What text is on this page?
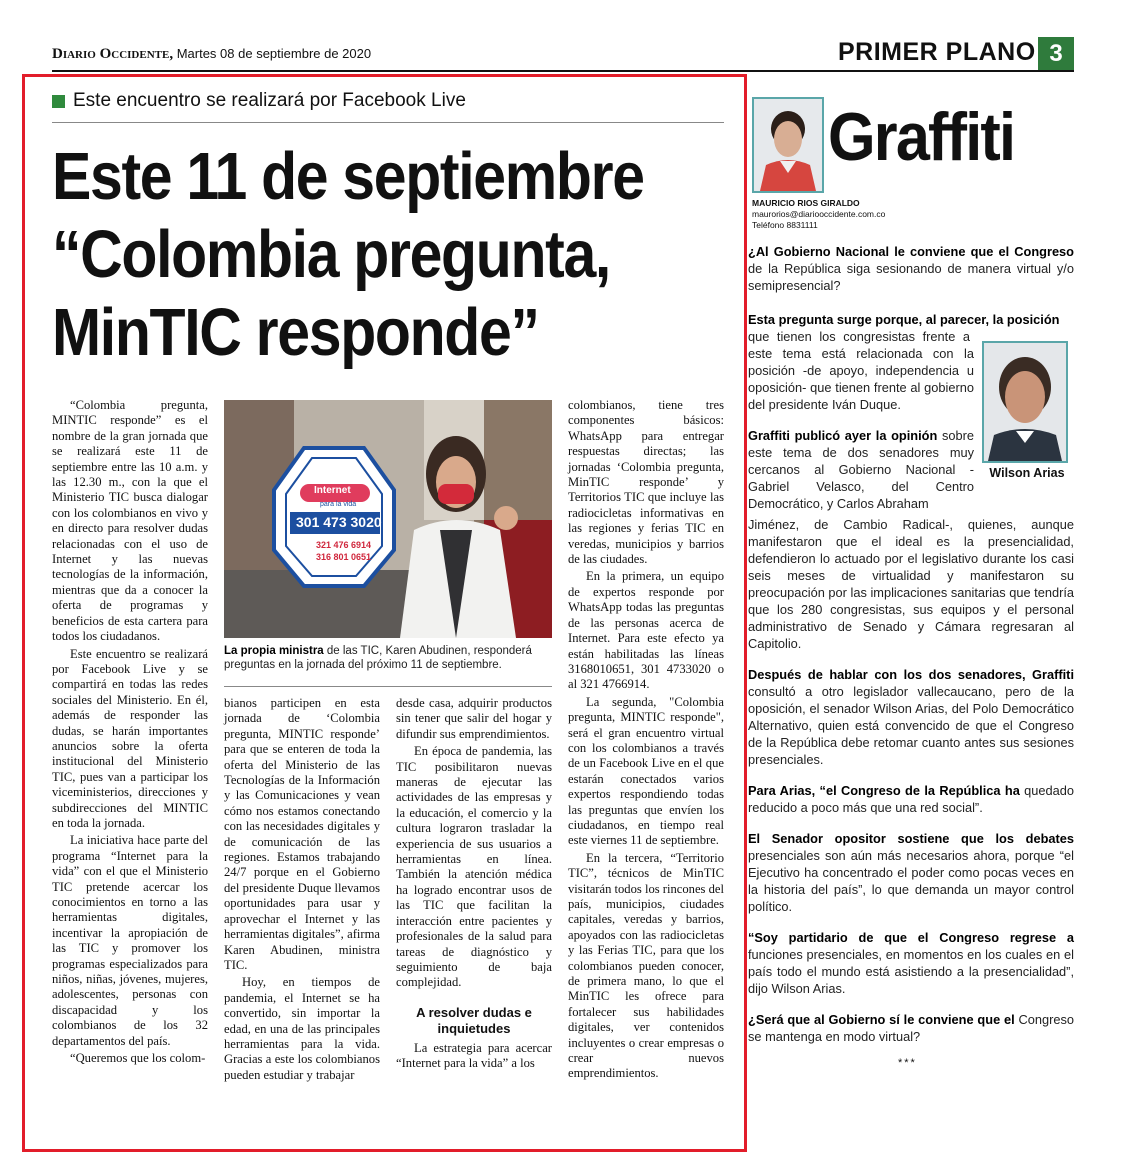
Diario Occidente, Martes 08 de septiembre de 2020	PRIMER PLANO 3
Este encuentro se realizará por Facebook Live
Este 11 de septiembre
“Colombia pregunta,
MinTIC responde”

“Colombia pregunta, MINTIC responde” es el nombre de la gran jornada que se realizará este 11 de septiembre entre las 10 a.m. y las 12.30 m., con la que el Ministerio TIC busca dialogar con los colombianos en vivo y en directo para resolver dudas relacionadas con el uso de Internet y las nuevas tecnologías de la información, mientras que da a conocer la oferta de programas y beneficios de esta cartera para todos los ciudadanos.

Este encuentro se realizará por Facebook Live y se compartirá en todas las redes sociales del Ministerio. En él, además de responder las dudas, se harán importantes anuncios sobre la oferta institucional del Ministerio TIC, pues van a participar los viceministerios, direcciones y subdirecciones del MINTIC en toda la jornada.

La iniciativa hace parte del programa “Internet para la vida” con el que el Ministerio TIC pretende acercar los conocimientos en torno a las herramientas digitales, incentivar la apropiación de las TIC y promover los programas especializados para niños, niñas, jóvenes, mujeres, adolescentes, personas con discapacidad y los colombianos de los 32 departamentos del país.

“Queremos que los colom-

Internet
para la vida
301 473 3020
321 476 6914
316 801 0651
La propia ministra de las TIC, Karen Abudinen, responderá preguntas en la jornada del próximo 11 de septiembre.

bianos participen en esta jornada de ‘Colombia pregunta, MINTIC responde’ para que se enteren de toda la oferta del Ministerio de las Tecnologías de la Información y las Comunicaciones y vean cómo nos estamos conectando con las necesidades digitales y de comunicación de las regiones. Estamos trabajando 24/7 porque en el Gobierno del presidente Duque llevamos oportunidades para usar y aprovechar el Internet y las herramientas digitales”, afirma Karen Abudinen, ministra TIC.

Hoy, en tiempos de pandemia, el Internet se ha convertido, sin importar la edad, en una de las principales herramientas para la vida. Gracias a este los colombianos pueden estudiar y trabajar

desde casa, adquirir productos sin tener que salir del hogar y difundir sus emprendimientos.

En época de pandemia, las TIC posibilitaron nuevas maneras de ejecutar las actividades de las empresas y la educación, el comercio y la cultura lograron trasladar la experiencia de sus usuarios a herramientas en línea. También la atención médica ha logrado encontrar usos de las TIC que facilitan la interacción entre pacientes y profesionales de la salud para tareas de diagnóstico y seguimiento de baja complejidad.

A resolver dudas e inquietudes

La estrategia para acercar “Internet para la vida” a los

colombianos, tiene tres componentes básicos: WhatsApp para entregar respuestas directas; las jornadas ‘Colombia pregunta, MinTIC responde’ y Territorios TIC que incluye las radiocicletas informativas en las regiones y ferias TIC en veredas, municipios y barrios de las ciudades.

En la primera, un equipo de expertos responde por WhatsApp todas las preguntas de las personas acerca de Internet. Para este efecto ya están habilitadas las líneas 3168010651, 301 4733020 o al 321 4766914.

La segunda, "Colombia pregunta, MINTIC responde", será el gran encuentro virtual con los colombianos a través de un Facebook Live en el que estarán conectados varios expertos respondiendo todas las preguntas que envíen los ciudadanos, en tiempo real este viernes 11 de septiembre.

En la tercera, “Territorio TIC”, técnicos de MinTIC visitarán todos los rincones del país, municipios, ciudades capitales, veredas y barrios, apoyados con las radiocicletas y las Ferias TIC, para que los colombianos pueden conocer, de primera mano, lo que el MinTIC les ofrece para fortalecer sus habilidades digitales, ver contenidos incluyentes o crear empresas o crear nuevos emprendimientos.

Graffiti
MAURICIO RIOS GIRALDO
maurorios@diariooccidente.com.co
Teléfono 8831111

¿Al Gobierno Nacional le conviene que el Congreso de la República siga sesionando de manera virtual y/o semipresencial?

Esta pregunta surge porque, al parecer, la posición que tienen los congresistas frente a este tema está relacionada con la posición -de apoyo, independencia u oposición- que tienen frente al gobierno del presidente Iván Duque.

Graffiti publicó ayer la opinión sobre este tema de dos senadores muy cercanos al Gobierno Nacional - Gabriel Velasco, del Centro Democrático, y Carlos Abraham

Wilson Arias

Jiménez, de Cambio Radical-, quienes, aunque manifestaron que el ideal es la presencialidad, defendieron lo actuado por el legislativo durante los casi seis meses de virtualidad y manifestaron su preocupación por las implicaciones sanitarias que tendría que los 280 congresistas, sus equipos y el personal administrativo de Senado y Cámara regresaran al Capitolio.

Después de hablar con los dos senadores, Graffiti consultó a otro legislador vallecaucano, pero de la oposición, el senador Wilson Arias, del Polo Democrático Alternativo, quien está convencido de que el Congreso de la República debe retomar cuanto antes sus sesiones presenciales.

Para Arias, “el Congreso de la República ha quedado reducido a poco más que una red social”.

El Senador opositor sostiene que los debates presenciales son aún más necesarios ahora, porque “el Ejecutivo ha concentrado el poder como pocas veces en la historia del país”, lo que demanda un mayor control político.

“Soy partidario de que el Congreso regrese a funciones presenciales, en momentos en los cuales en el país todo el mundo está asistiendo a la presencialidad”, dijo Wilson Arias.

¿Será que al Gobierno sí le conviene que el Congreso se mantenga en modo virtual?

***
